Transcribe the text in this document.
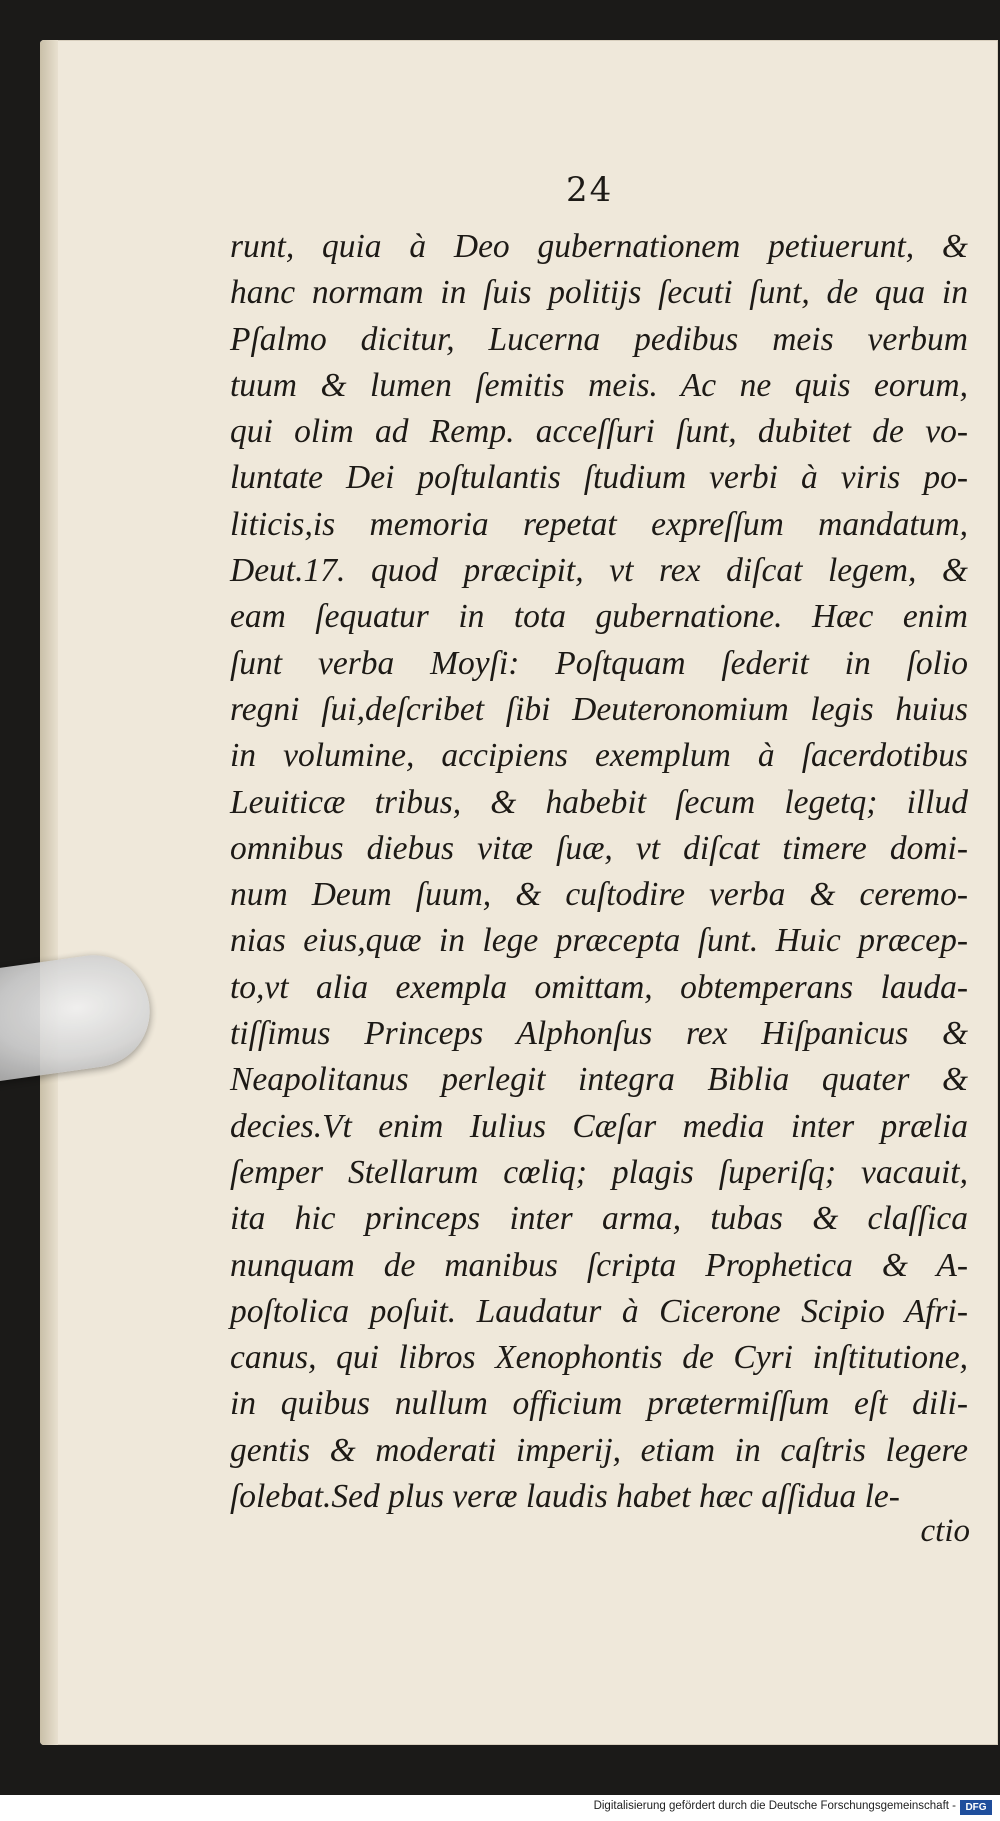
24
runt, quia à Deo gubernationem petiuerunt, &
hanc normam in ſuis politijs ſecuti ſunt, de qua in
Pſalmo dicitur, Lucerna pedibus meis verbum
tuum & lumen ſemitis meis. Ac ne quis eorum,
qui olim ad Remp. acceſſuri ſunt, dubitet de vo-
luntate Dei poſtulantis ſtudium verbi à viris po-
liticis,is memoria repetat expreſſum mandatum,
Deut.17. quod præcipit, vt rex diſcat legem, &
eam ſequatur in tota gubernatione. Hæc enim
ſunt verba Moyſi: Poſtquam ſederit in ſolio
regni ſui,deſcribet ſibi Deuteronomium legis huius
in volumine, accipiens exemplum à ſacerdotibus
Leuiticæ tribus, & habebit ſecum legetq; illud
omnibus diebus vitæ ſuæ, vt diſcat timere domi-
num Deum ſuum, & cuſtodire verba & ceremo-
nias eius,quæ in lege præcepta ſunt. Huic præcep-
to,vt alia exempla omittam, obtemperans lauda-
tiſſimus Princeps Alphonſus rex Hiſpanicus &
Neapolitanus perlegit integra Biblia quater &
decies.Vt enim Iulius Cæſar media inter prælia
ſemper Stellarum cœliq; plagis ſuperiſq; vacauit,
ita hic princeps inter arma, tubas & claſſica
nunquam de manibus ſcripta Prophetica & A-
poſtolica poſuit. Laudatur à Cicerone Scipio Afri-
canus, qui libros Xenophontis de Cyri inſtitutione,
in quibus nullum officium prætermiſſum eſt dili-
gentis & moderati imperij, etiam in caſtris legere
ſolebat.Sed plus veræ laudis habet hæc aſſidua le-
ctio
Digitalisierung gefördert durch die Deutsche Forschungsgemeinschaft - DFG
